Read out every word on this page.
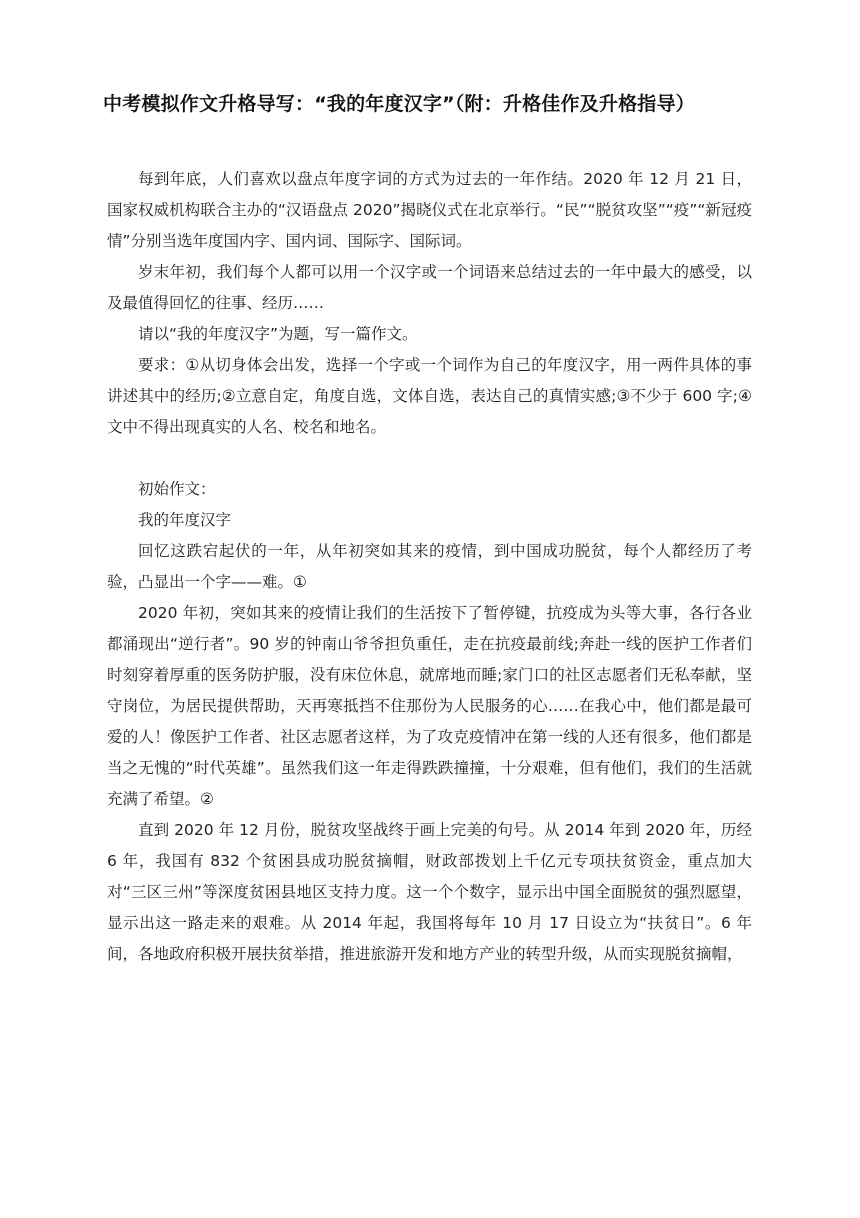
中考模拟作文升格导写：“我的年度汉字”（附：升格佳作及升格指导）

每到年底，人们喜欢以盘点年度字词的方式为过去的一年作结。2020 年 12 月 21 日，国家权威机构联合主办的“汉语盘点 2020”揭晓仪式在北京举行。“民”“脱贫攻坚”“疫”“新冠疫情”分别当选年度国内字、国内词、国际字、国际词。

岁末年初，我们每个人都可以用一个汉字或一个词语来总结过去的一年中最大的感受，以及最值得回忆的往事、经历……

请以“我的年度汉字”为题，写一篇作文。

要求：①从切身体会出发，选择一个字或一个词作为自己的年度汉字，用一两件具体的事讲述其中的经历;②立意自定，角度自选，文体自选，表达自己的真情实感;③不少于 600 字;④文中不得出现真实的人名、校名和地名。

初始作文：

我的年度汉字

回忆这跌宕起伏的一年，从年初突如其来的疫情，到中国成功脱贫，每个人都经历了考验，凸显出一个字——难。①

2020 年初，突如其来的疫情让我们的生活按下了暂停键，抗疫成为头等大事，各行各业都涌现出“逆行者”。90 岁的钟南山爷爷担负重任，走在抗疫最前线;奔赴一线的医护工作者们时刻穿着厚重的医务防护服，没有床位休息，就席地而睡;家门口的社区志愿者们无私奉献，坚守岗位，为居民提供帮助，天再寒抵挡不住那份为人民服务的心……在我心中，他们都是最可爱的人！像医护工作者、社区志愿者这样，为了攻克疫情冲在第一线的人还有很多，他们都是当之无愧的“时代英雄”。虽然我们这一年走得跌跌撞撞，十分艰难，但有他们，我们的生活就充满了希望。②

直到 2020 年 12 月份，脱贫攻坚战终于画上完美的句号。从 2014 年到 2020 年，历经 6 年，我国有 832 个贫困县成功脱贫摘帽，财政部拨划上千亿元专项扶贫资金，重点加大对“三区三州”等深度贫困县地区支持力度。这一个个数字，显示出中国全面脱贫的强烈愿望，显示出这一路走来的艰难。从 2014 年起，我国将每年 10 月 17 日设立为“扶贫日”。6 年间，各地政府积极开展扶贫举措，推进旅游开发和地方产业的转型升级，从而实现脱贫摘帽，
